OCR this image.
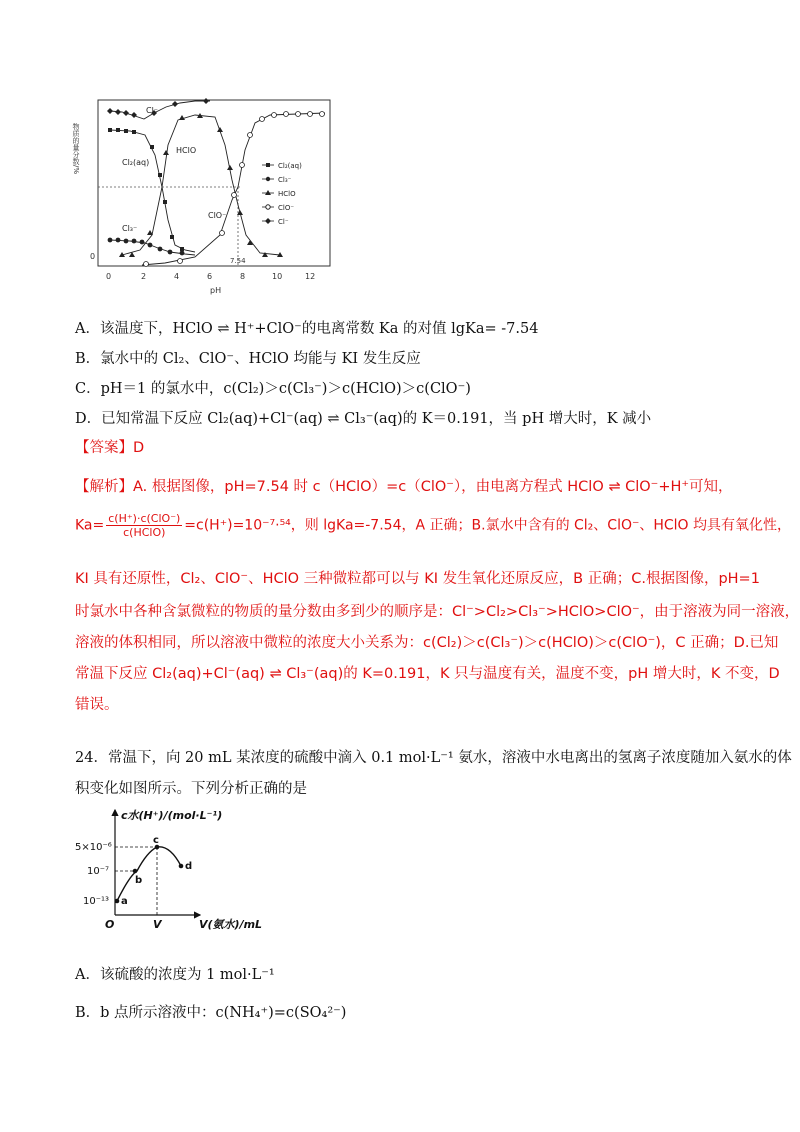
物质的量分数/%
0	7.54
Cl⁻
HClO
Cl₂(aq)
ClO⁻
Cl₃⁻
Cl₂(aq)
Cl₃⁻
HClO
ClO⁻
Cl⁻
0	2	4	6	8	10	12
pH
A．该温度下，HClO ⇌ H⁺+ClO⁻的电离常数 Ka 的对值 lgKa= -7.54
B．氯水中的 Cl₂、ClO⁻、HClO 均能与 KI 发生反应
C．pH＝1 的氯水中，c(Cl₂)＞c(Cl₃⁻)＞c(HClO)＞c(ClO⁻)
D．已知常温下反应 Cl₂(aq)+Cl⁻(aq) ⇌ Cl₃⁻(aq)的 K＝0.191，当 pH 增大时，K 减小
【答案】D
【解析】A. 根据图像，pH=7.54 时 c（HClO）=c（ClO⁻），由电离方程式 HClO ⇌ ClO⁻+H⁺可知，
Ka= c(H⁺)·c(ClO⁻)
c(HClO)	=c(H⁺)=10⁻⁷·⁵⁴，则 lgKa=-7.54，A 正确；B.氯水中含有的 Cl₂、ClO⁻、HClO 均具有氧化性，
KI 具有还原性，Cl₂、ClO⁻、HClO 三种微粒都可以与 KI 发生氧化还原反应，B 正确；C.根据图像，pH=1
时氯水中各种含氯微粒的物质的量分数由多到少的顺序是：Cl⁻>Cl₂>Cl₃⁻>HClO>ClO⁻，由于溶液为同一溶液，
溶液的体积相同，所以溶液中微粒的浓度大小关系为：c(Cl₂)＞c(Cl₃⁻)＞c(HClO)＞c(ClO⁻)，C 正确；D.已知
常温下反应 Cl₂(aq)+Cl⁻(aq) ⇌ Cl₃⁻(aq)的 K=0.191，K 只与温度有关，温度不变，pH 增大时，K 不变，D
错误。
24．常温下，向 20 mL 某浓度的硫酸中滴入 0.1 mol·L⁻¹ 氨水，溶液中水电离出的氢离子浓度随加入氨水的体
积变化如图所示。下列分析正确的是
c水(H⁺)/(mol·L⁻¹)
5×10⁻⁶
10⁻⁷
10⁻¹³ a
b
c
d
O	V	V(氨水)/mL
A．该硫酸的浓度为 1 mol·L⁻¹
B．b 点所示溶液中：c(NH₄⁺)=c(SO₄²⁻)
